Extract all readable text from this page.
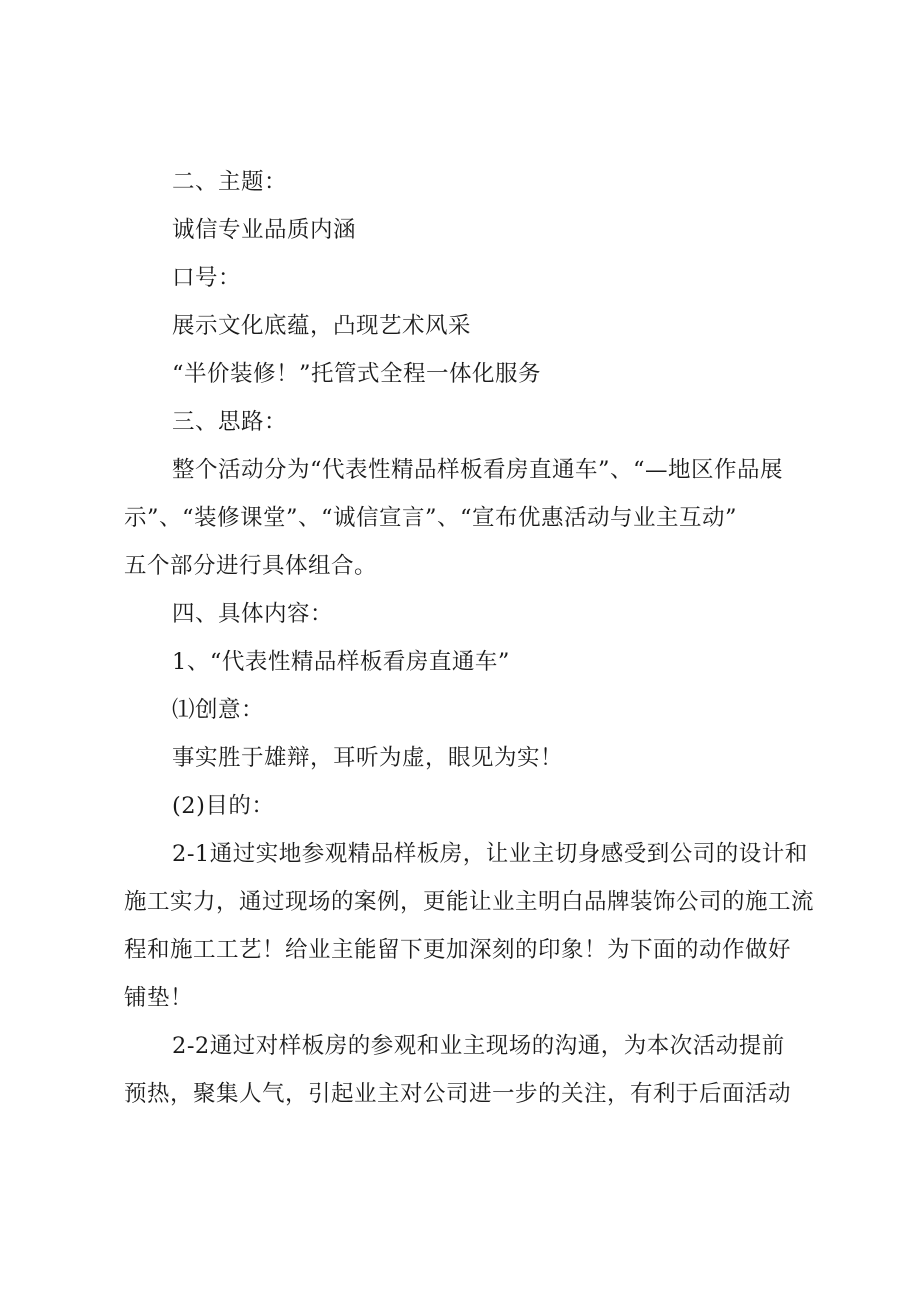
二、主题：
诚信专业品质内涵
口号：
展示文化底蕴，凸现艺术风采
“半价装修！”托管式全程一体化服务
三、思路：
整个活动分为“代表性精品样板看房直通车”、“—地区作品展
示”、“装修课堂”、“诚信宣言”、“宣布优惠活动与业主互动”
五个部分进行具体组合。
四、具体内容：
1、“代表性精品样板看房直通车”
⑴创意：
事实胜于雄辩，耳听为虚，眼见为实！
(2)目的：
2-1通过实地参观精品样板房，让业主切身感受到公司的设计和
施工实力，通过现场的案例，更能让业主明白品牌装饰公司的施工流
程和施工工艺！给业主能留下更加深刻的印象！为下面的动作做好
铺垫！
2-2通过对样板房的参观和业主现场的沟通，为本次活动提前
预热，聚集人气，引起业主对公司进一步的关注，有利于后面活动
